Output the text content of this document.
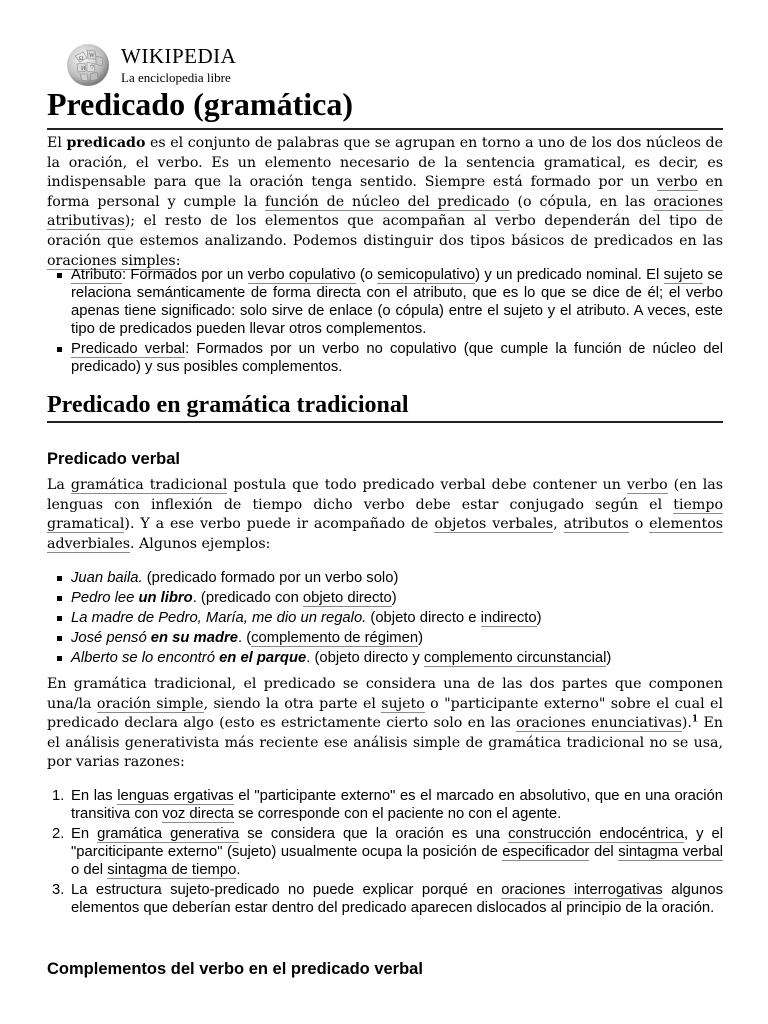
Ω W
И ウ WIKIPEDIA
La enciclopedia libre
Predicado (gramática)

El predicado es el conjunto de palabras que se agrupan en torno a uno de los dos núcleos de la oración, el verbo. Es un elemento necesario de la sentencia gramatical, es decir, es indispensable para que la oración tenga sentido. Siempre está formado por un verbo en forma personal y cumple la función de núcleo del predicado (o cópula, en las oraciones atributivas); el resto de los elementos que acompañan al verbo dependerán del tipo de oración que estemos analizando. Podemos distinguir dos tipos básicos de predicados en las oraciones simples:

Atributo: Formados por un verbo copulativo (o semicopulativo) y un predicado nominal. El sujeto se relaciona semánticamente de forma directa con el atributo, que es lo que se dice de él; el verbo apenas tiene significado: solo sirve de enlace (o cópula) entre el sujeto y el atributo. A veces, este tipo de predicados pueden llevar otros complementos.
Predicado verbal: Formados por un verbo no copulativo (que cumple la función de núcleo del predicado) y sus posibles complementos.
Predicado en gramática tradicional
Predicado verbal

La gramática tradicional postula que todo predicado verbal debe contener un verbo (en las lenguas con inflexión de tiempo dicho verbo debe estar conjugado según el tiempo gramatical). Y a ese verbo puede ir acompañado de objetos verbales, atributos o elementos adverbiales. Algunos ejemplos:

Juan baila. (predicado formado por un verbo solo)
Pedro lee un libro. (predicado con objeto directo)
La madre de Pedro, María, me dio un regalo. (objeto directo e indirecto)
José pensó en su madre. (complemento de régimen)
Alberto se lo encontró en el parque. (objeto directo y complemento circunstancial)

En gramática tradicional, el predicado se considera una de las dos partes que componen una/la oración simple, siendo la otra parte el sujeto o "participante externo" sobre el cual el predicado declara algo (esto es estrictamente cierto solo en las oraciones enunciativas).$^1$ En el análisis generativista más reciente ese análisis simple de gramática tradicional no se usa, por varias razones:

1. En las lenguas ergativas el "participante externo" es el marcado en absolutivo, que en una oración transitiva con voz directa se corresponde con el paciente no con el agente.
2. En gramática generativa se considera que la oración es una construcción endocéntrica, y el "parciticipante externo" (sujeto) usualmente ocupa la posición de especificador del sintagma verbal o del sintagma de tiempo.
3. La estructura sujeto-predicado no puede explicar porqué en oraciones interrogativas algunos elementos que deberían estar dentro del predicado aparecen dislocados al principio de la oración.
Complementos del verbo en el predicado verbal
